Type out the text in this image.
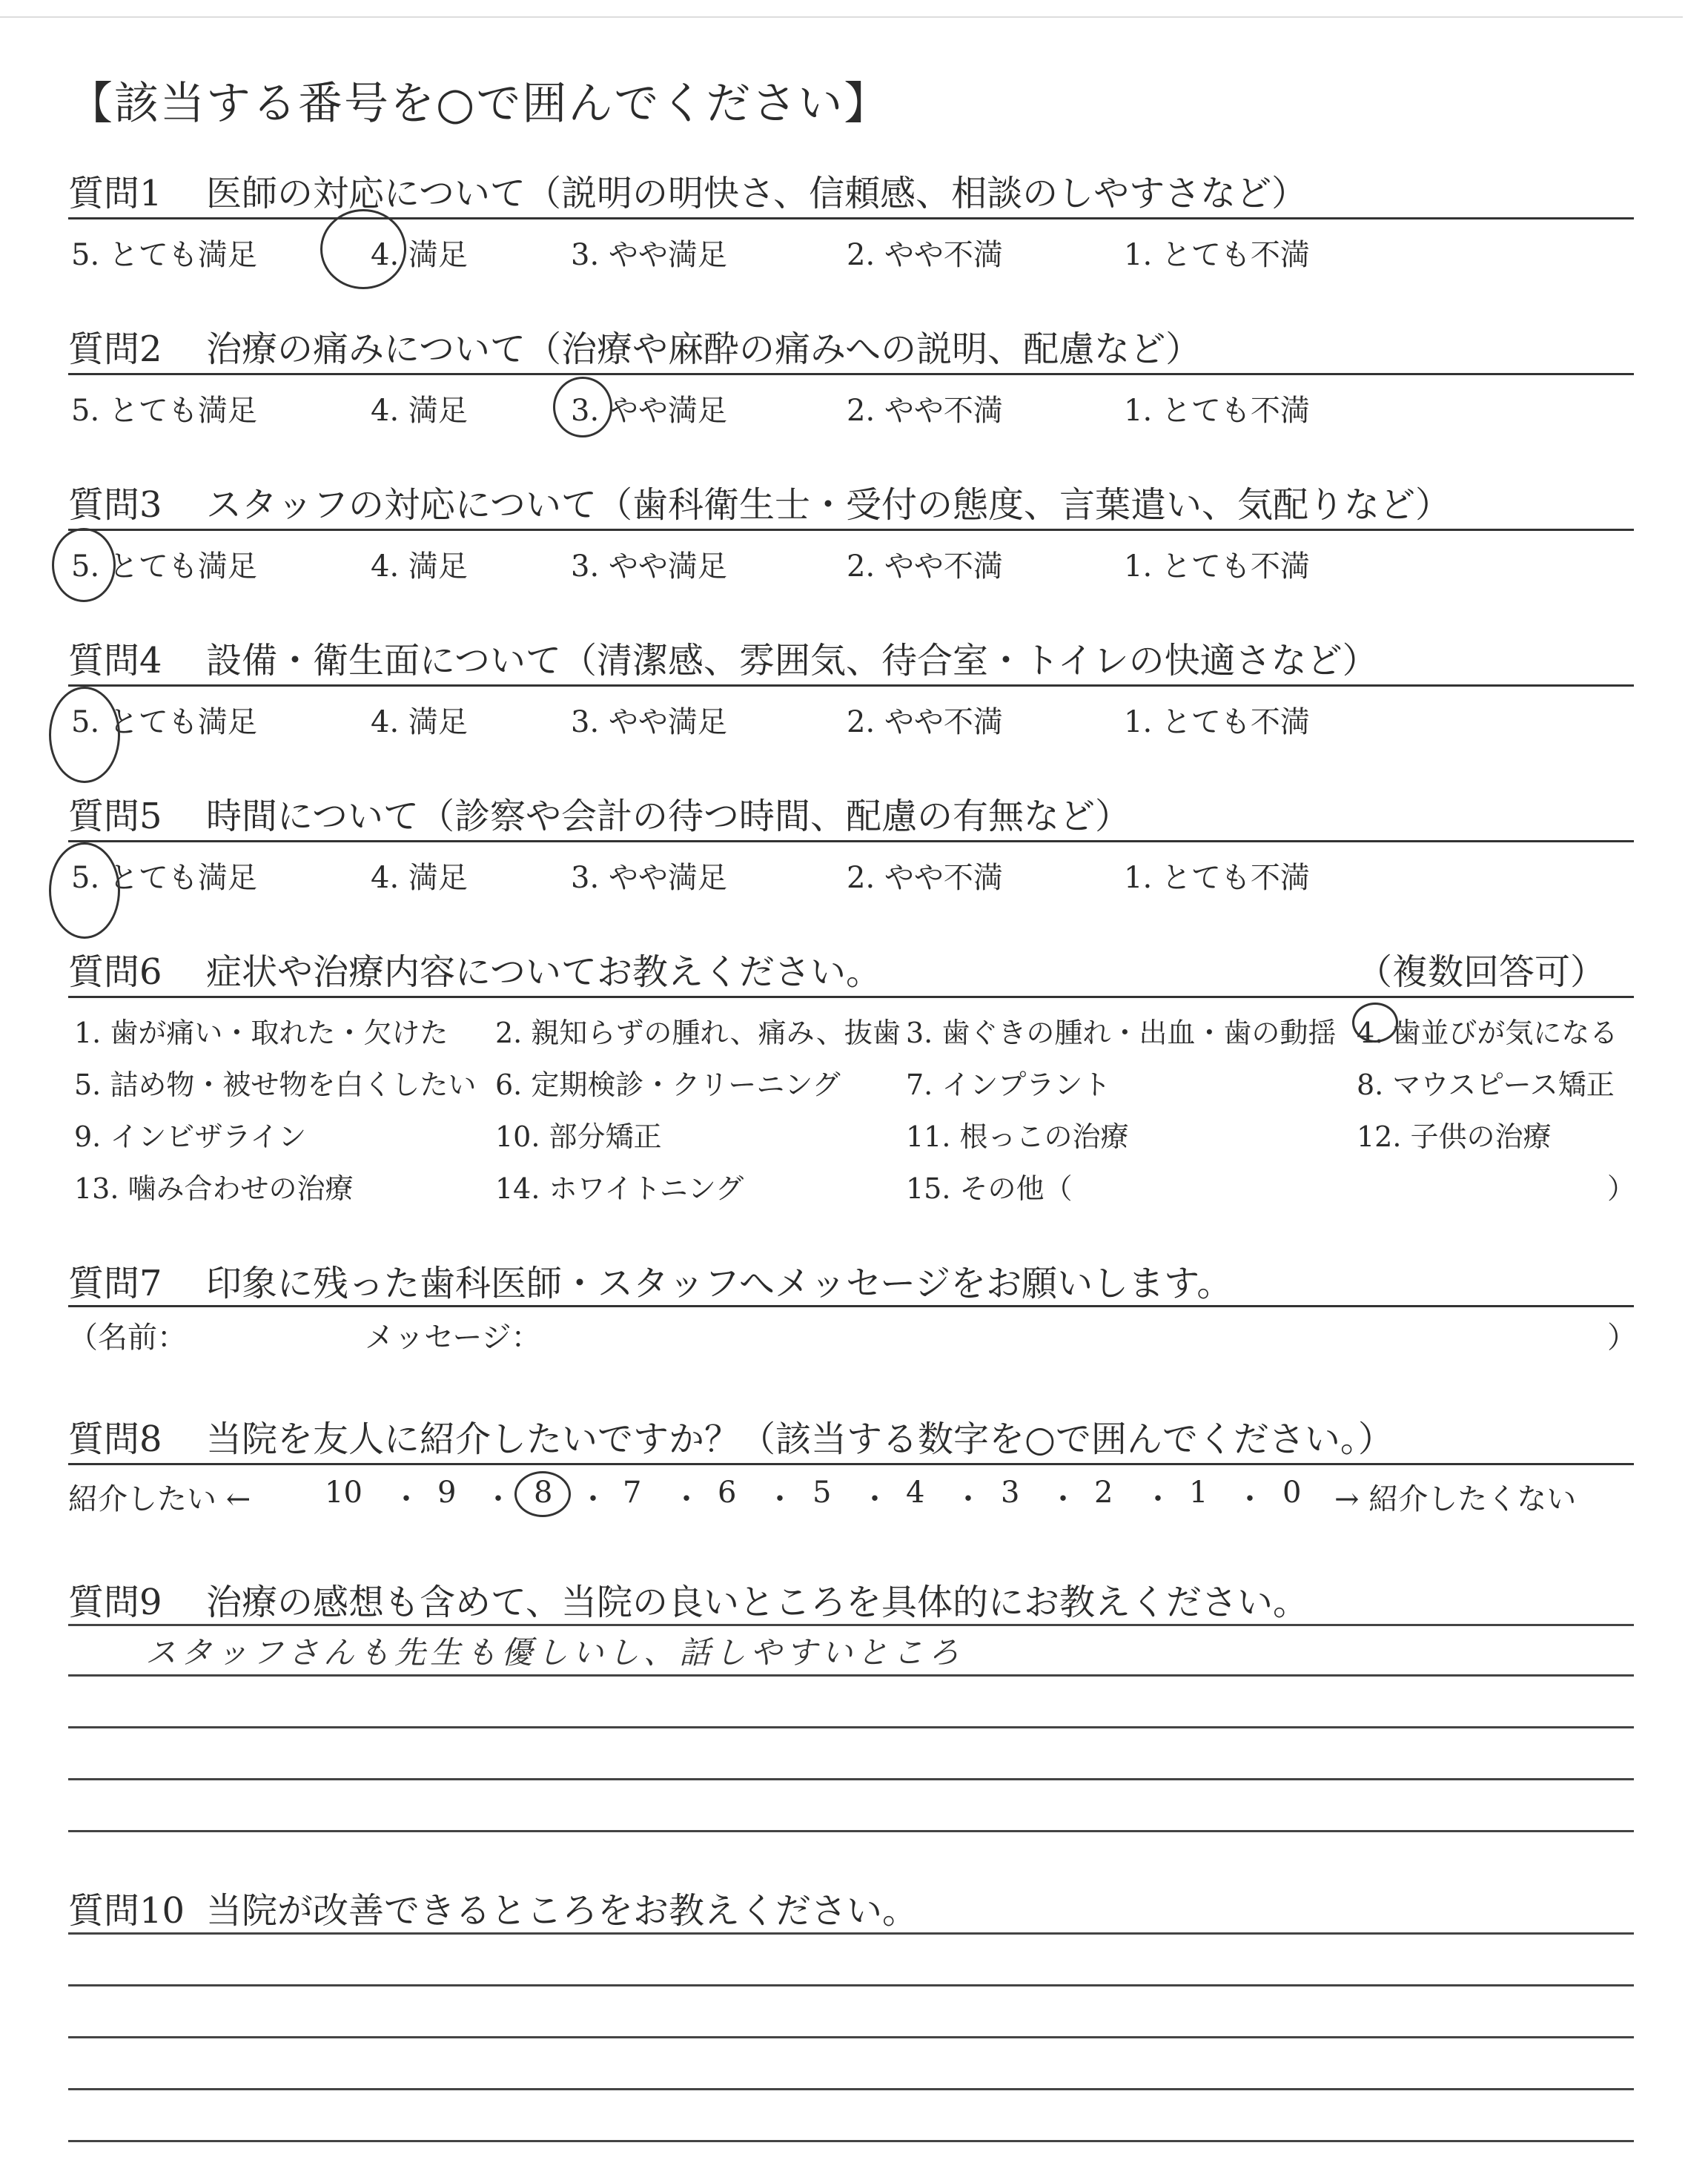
【該当する番号を○で囲んでください】
質問1 医師の対応について（説明の明快さ、信頼感、相談のしやすさなど）
5. とても満足	4. 満足	3. やや満足	2. やや不満	1. とても不満
質問2 治療の痛みについて（治療や麻酔の痛みへの説明、配慮など）
5. とても満足	4. 満足	3. やや満足	2. やや不満	1. とても不満
質問3 スタッフの対応について（歯科衛生士・受付の態度、言葉遣い、気配りなど）
5. とても満足	4. 満足	3. やや満足	2. やや不満	1. とても不満
質問4 設備・衛生面について（清潔感、雰囲気、待合室・トイレの快適さなど）
5. とても満足	4. 満足	3. やや満足	2. やや不満	1. とても不満
質問5 時間について（診察や会計の待つ時間、配慮の有無など）
5. とても満足	4. 満足	3. やや満足	2. やや不満	1. とても不満
質問6 症状や治療内容についてお教えください。	（複数回答可）
1. 歯が痛い・取れた・欠けた 2. 親知らずの腫れ、痛み、抜歯 3. 歯ぐきの腫れ・出血・歯の動揺 4. 歯並びが気になる
5. 詰め物・被せ物を白くしたい 6. 定期検診・クリーニング 7. インプラント	8. マウスピース矯正
9. インビザライン	10. 部分矯正	11. 根っこの治療	12. 子供の治療
13. 噛み合わせの治療	14. ホワイトニング	15. その他（	）
質問7 印象に残った歯科医師・スタッフへメッセージをお願いします。
（名前：	メッセージ：	）
質問8 当院を友人に紹介したいですか？（該当する数字を○で囲んでください。）
紹介したい ← 10 ・ 9 ・ 8 ・ 7 ・ 6 ・ 5 ・ 4 ・ 3 ・ 2 ・ 1 ・ 0 → 紹介したくない
質問9 治療の感想も含めて、当院の良いところを具体的にお教えください。
スタッフさんも先生も優しいし、話しやすいところ
質問10 当院が改善できるところをお教えください。
